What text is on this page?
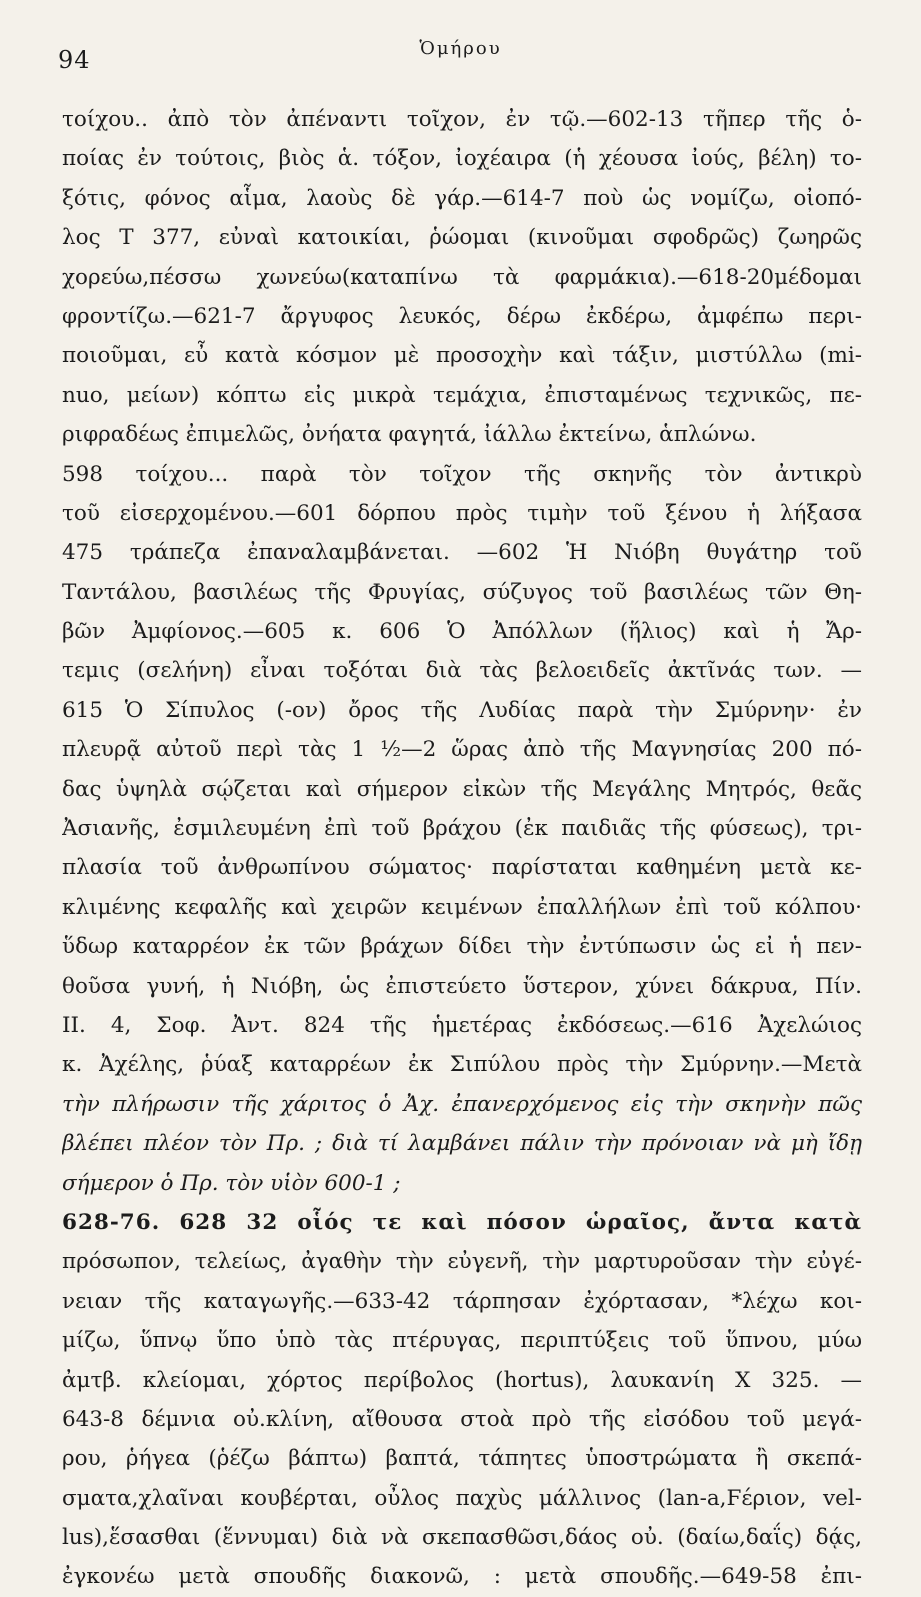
94	Ὁμήρου
τοίχου.. ἀπὸ τὸν ἀπέναντι τοῖχον, ἐν τῷ.—602-13 τῆπερ τῆς ὁ-
ποίας ἐν τούτοις, βιὸς ἁ. τόξον, ἰοχέαιρα (ἡ χέουσα ἰούς, βέλη) το-
ξότις, φόνος αἷμα, λαοὺς δὲ γάρ.—614-7 ποὺ ὡς νομίζω, οἰοπό-
λος Τ 377, εὐναὶ κατοικίαι, ῥώομαι (κινοῦμαι σφοδρῶς) ζωηρῶς
χορεύω,πέσσω χωνεύω(καταπίνω τὰ φαρμάκια).—618-20μέδομαι
φροντίζω.—621-7 ἄργυφος λευκός, δέρω ἐκδέρω, ἀμφέπω περι-
ποιοῦμαι, εὖ κατὰ κόσμον μὲ προσοχὴν καὶ τάξιν, μιστύλλω (mi-
nuo, μείων) κόπτω εἰς μικρὰ τεμάχια, ἐπισταμένως τεχνικῶς, πε-
ριφραδέως ἐπιμελῶς, ὀνήατα φαγητά, ἰάλλω ἐκτείνω, ἁπλώνω.
598 τοίχου... παρὰ τὸν τοῖχον τῆς σκηνῆς τὸν ἀντικρὺ
τοῦ εἰσερχομένου.—601 δόρπου πρὸς τιμὴν τοῦ ξένου ἡ λήξασα
475 τράπεζα ἐπαναλαμβάνεται. —602 Ἡ Νιόβη θυγάτηρ τοῦ
Ταντάλου, βασιλέως τῆς Φρυγίας, σύζυγος τοῦ βασιλέως τῶν Θη-
βῶν Ἀμφίονος.—605 κ. 606 Ὁ Ἀπόλλων (ἥλιος) καὶ ἡ Ἄρ-
τεμις (σελήνη) εἶναι τοξόται διὰ τὰς βελοειδεῖς ἀκτῖνάς των. —
615 Ὁ Σίπυλος (-ον) ὄρος τῆς Λυδίας παρὰ τὴν Σμύρνην· ἐν
πλευρᾷ αὐτοῦ περὶ τὰς 1 ½—2 ὥρας ἀπὸ τῆς Μαγνησίας 200 πό-
δας ὑψηλὰ σῴζεται καὶ σήμερον εἰκὼν τῆς Μεγάλης Μητρός, θεᾶς
Ἀσιανῆς, ἐσμιλευμένη ἐπὶ τοῦ βράχου (ἐκ παιδιᾶς τῆς φύσεως), τρι-
πλασία τοῦ ἀνθρωπίνου σώματος· παρίσταται καθημένη μετὰ κε-
κλιμένης κεφαλῆς καὶ χειρῶν κειμένων ἐπαλλήλων ἐπὶ τοῦ κόλπου·
ὕδωρ καταρρέον ἐκ τῶν βράχων δίδει τὴν ἐντύπωσιν ὡς εἰ ἡ πεν-
θοῦσα γυνή, ἡ Νιόβη, ὡς ἐπιστεύετο ὕστερον, χύνει δάκρυα, Πίν.
ΙΙ. 4, Σοφ. Ἀντ. 824 τῆς ἡμετέρας ἐκδόσεως.—616 Ἀχελώιος
κ. Ἀχέλης, ῥύαξ καταρρέων ἐκ Σιπύλου πρὸς τὴν Σμύρνην.—Μετὰ
τὴν πλήρωσιν τῆς χάριτος ὁ Ἀχ. ἐπανερχόμενος εἰς τὴν σκηνὴν πῶς
βλέπει πλέον τὸν Πρ. ; διὰ τί λαμβάνει πάλιν τὴν πρόνοιαν νὰ μὴ ἴδῃ
σήμερον ὁ Πρ. τὸν υἱὸν 600-1 ;
628-76. 628 32 οἷός τε καὶ πόσον ὡραῖος, ἄντα κατὰ
πρόσωπον, τελείως, ἀγαθὴν τὴν εὐγενῆ, τὴν μαρτυροῦσαν τὴν εὐγέ-
νειαν τῆς καταγωγῆς.—633-42 τάρπησαν ἐχόρτασαν, *λέχω κοι-
μίζω, ὕπνῳ ὕπο ὑπὸ τὰς πτέρυγας, περιπτύξεις τοῦ ὕπνου, μύω
ἀμτβ. κλείομαι, χόρτος περίβολος (hortus), λαυκανίη Χ 325. —
643-8 δέμνια οὐ.κλίνη, αἴθουσα στοὰ πρὸ τῆς εἰσόδου τοῦ μεγά-
ρου, ῥήγεα (ῥέζω βάπτω) βαπτά, τάπητες ὑποστρώματα ἢ σκεπά-
σματα,χλαῖναι κουβέρται, οὖλος παχὺς μάλλινος (lan-a,Ϝέριον, vel-
lus),ἕσασθαι (ἕννυμαι) διὰ νὰ σκεπασθῶσι,δάος οὐ. (δαίω,δαΐς) δᾴς,
ἐγκονέω μετὰ σπουδῆς διακονῶ, : μετὰ σπουδῆς.—649-58 ἐπι-
